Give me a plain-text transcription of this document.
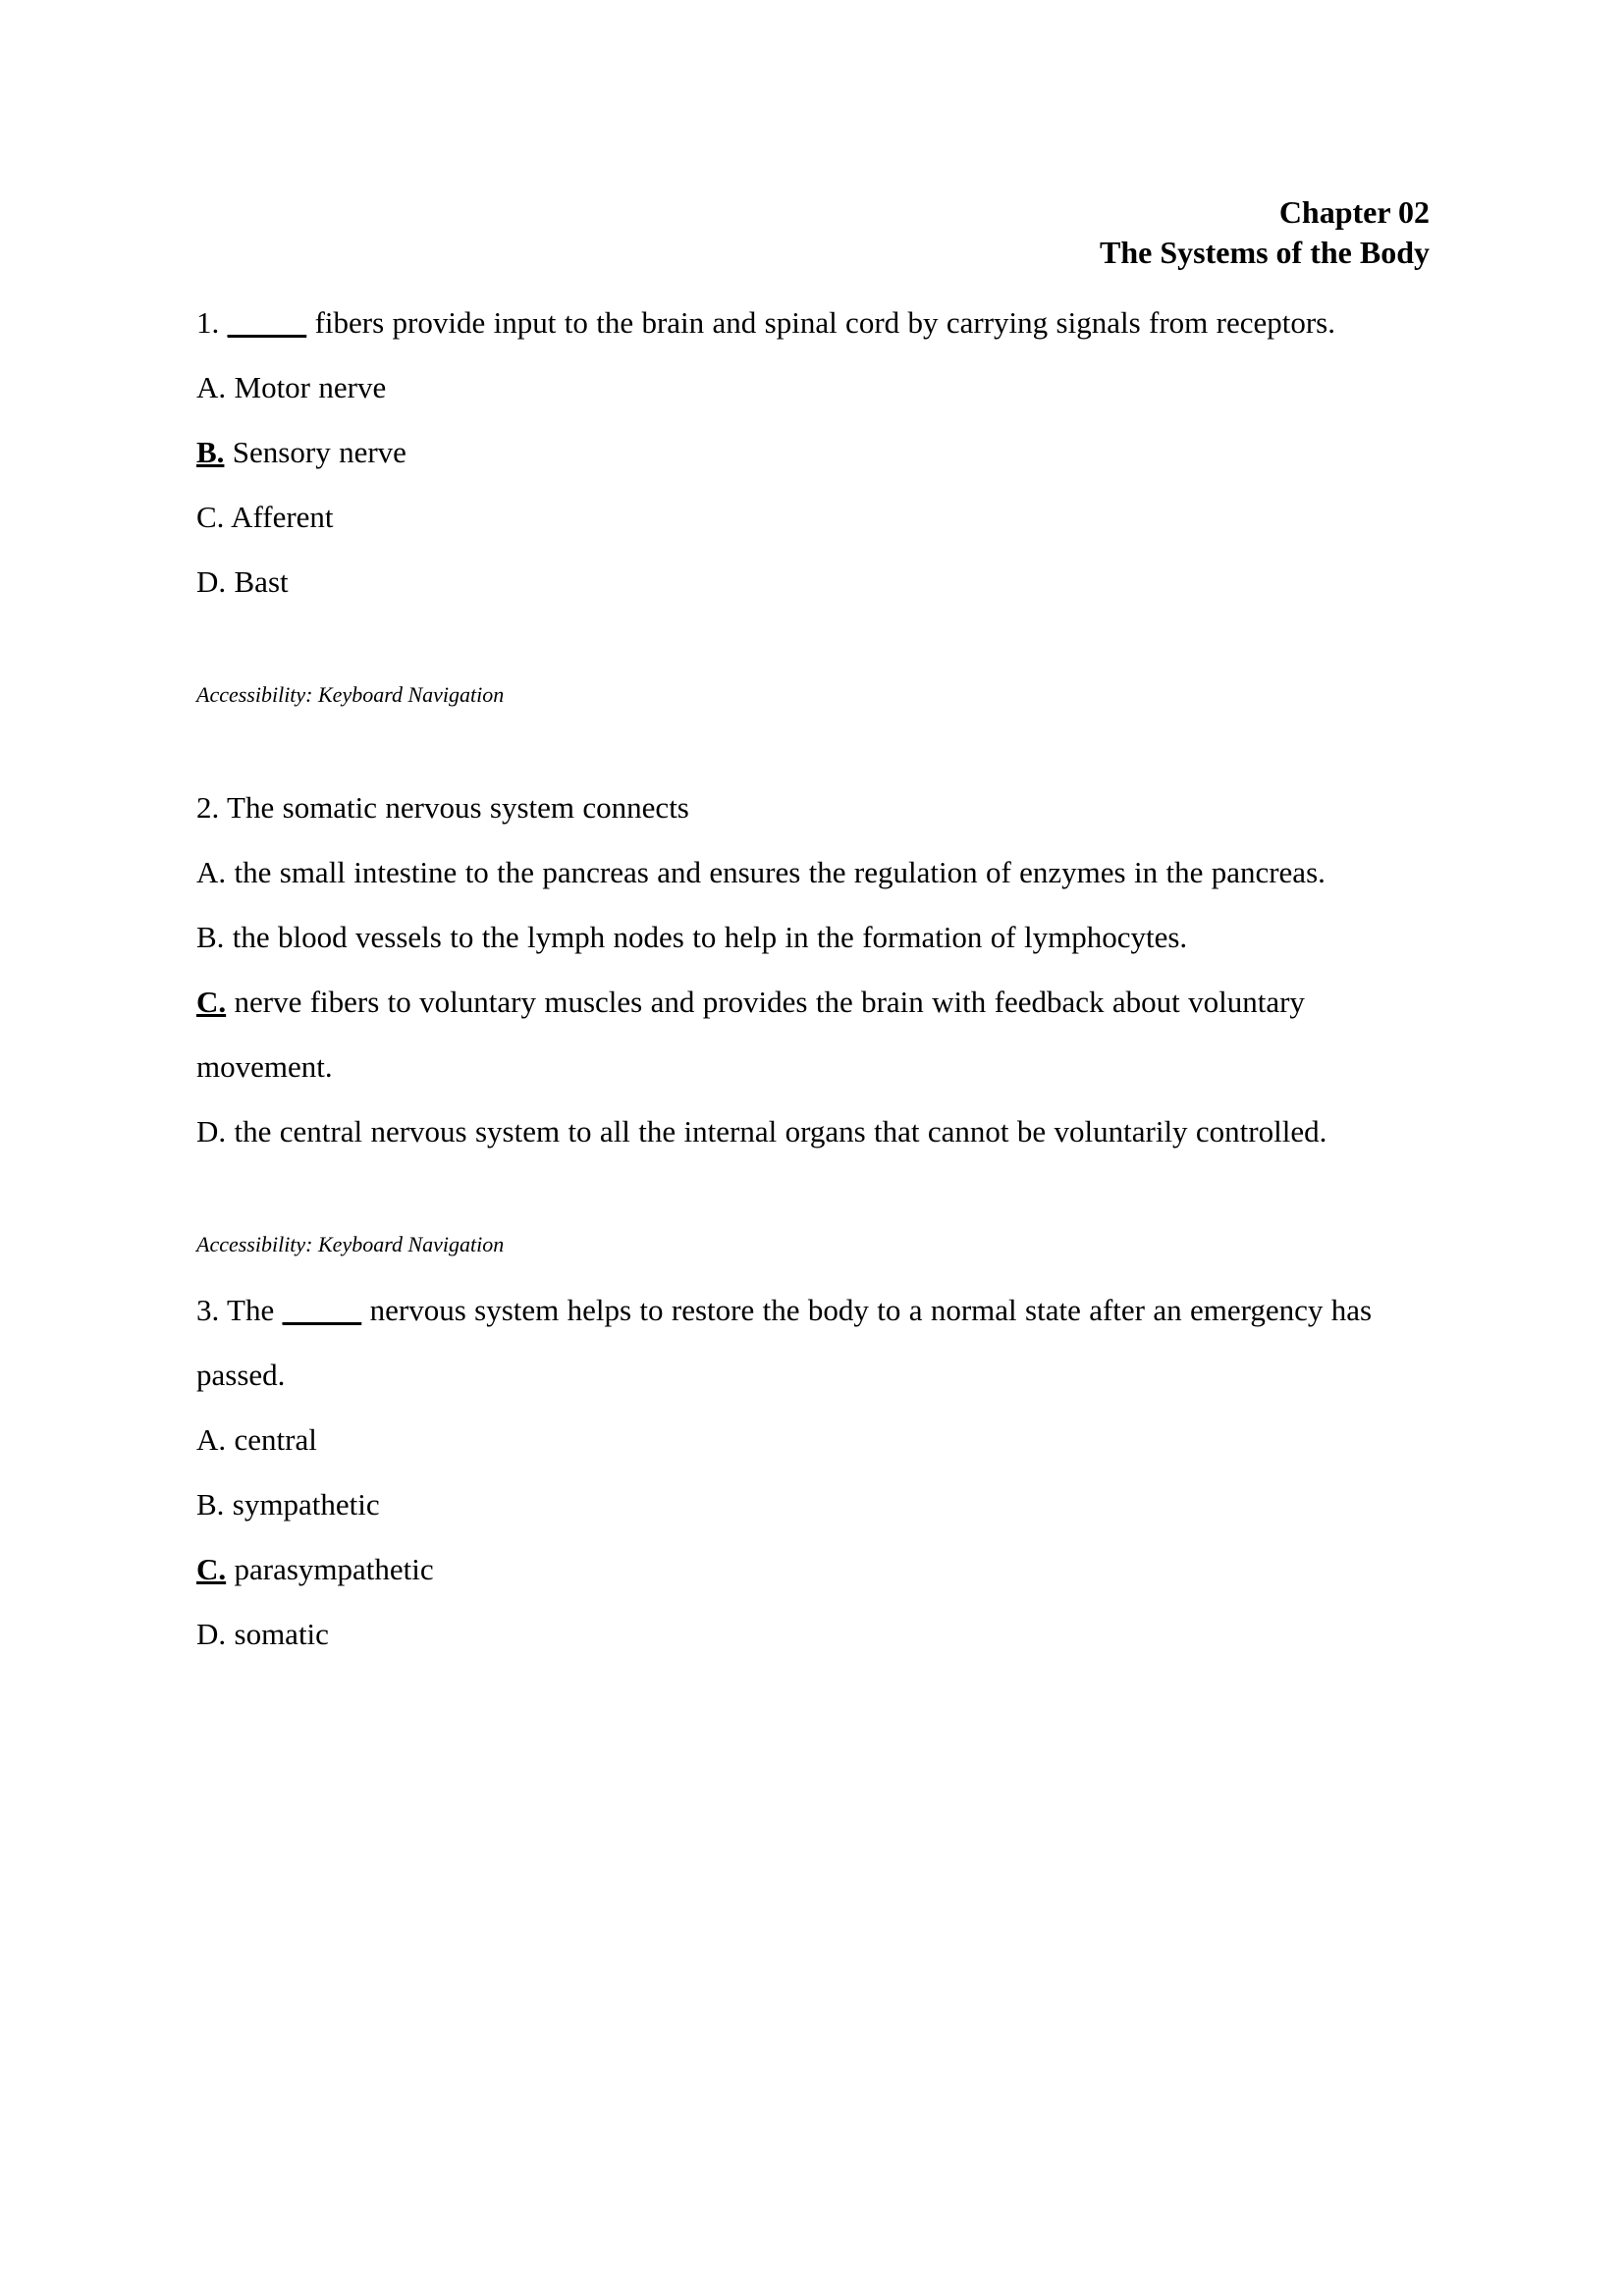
Chapter 02
The Systems of the Body

1. _____ fibers provide input to the brain and spinal cord by carrying signals from receptors.

A. Motor nerve

B. Sensory nerve

C. Afferent

D. Bast

Accessibility: Keyboard Navigation

2. The somatic nervous system connects

A. the small intestine to the pancreas and ensures the regulation of enzymes in the pancreas.

B. the blood vessels to the lymph nodes to help in the formation of lymphocytes.

C. nerve fibers to voluntary muscles and provides the brain with feedback about voluntary movement.

D. the central nervous system to all the internal organs that cannot be voluntarily controlled.

Accessibility: Keyboard Navigation

3. The _____ nervous system helps to restore the body to a normal state after an emergency has passed.

A. central

B. sympathetic

C. parasympathetic

D. somatic
